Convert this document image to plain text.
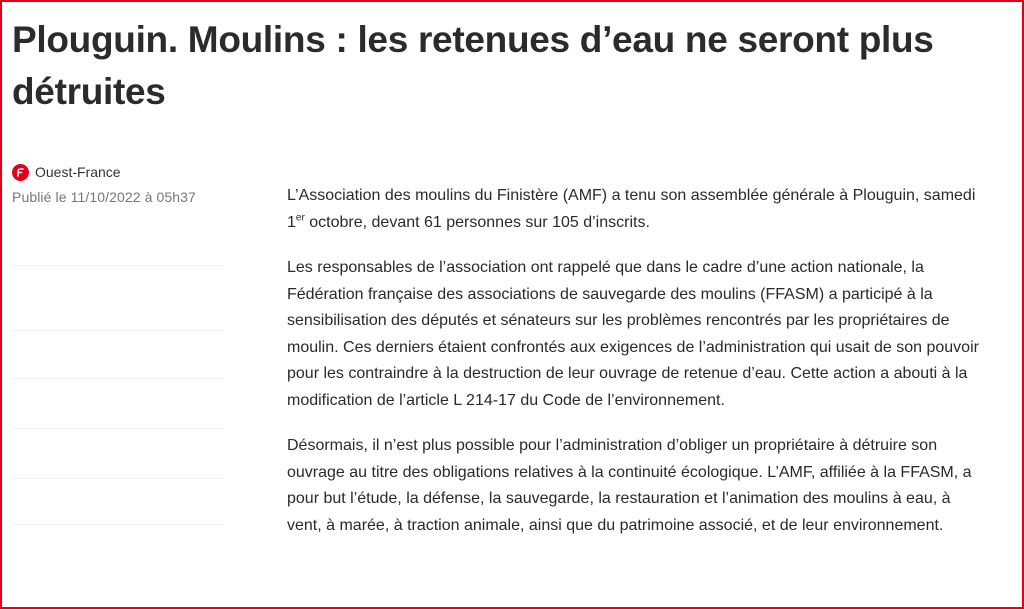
Plouguin. Moulins : les retenues d’eau ne seront plus détruites
Ouest-France
Publié le 11/10/2022 à 05h37	L’Association des moulins du Finistère (AMF) a tenu son assemblée générale à Plouguin, samedi 1er octobre, devant 61 personnes sur 105 d’inscrits.

Les responsables de l’association ont rappelé que dans le cadre d’une action nationale, la Fédération française des associations de sauvegarde des moulins (FFASM) a participé à la sensibilisation des députés et sénateurs sur les problèmes rencontrés par les propriétaires de moulin. Ces derniers étaient confrontés aux exigences de l’administration qui usait de son pouvoir pour les contraindre à la destruction de leur ouvrage de retenue d’eau. Cette action a abouti à la modification de l’article L 214-17 du Code de l’environnement.

Désormais, il n’est plus possible pour l’administration d’obliger un propriétaire à détruire son ouvrage au titre des obligations relatives à la continuité écologique. L’AMF, affiliée à la FFASM, a pour but l’étude, la défense, la sauvegarde, la restauration et l’animation des moulins à eau, à vent, à marée, à traction animale, ainsi que du patrimoine associé, et de leur environnement.
